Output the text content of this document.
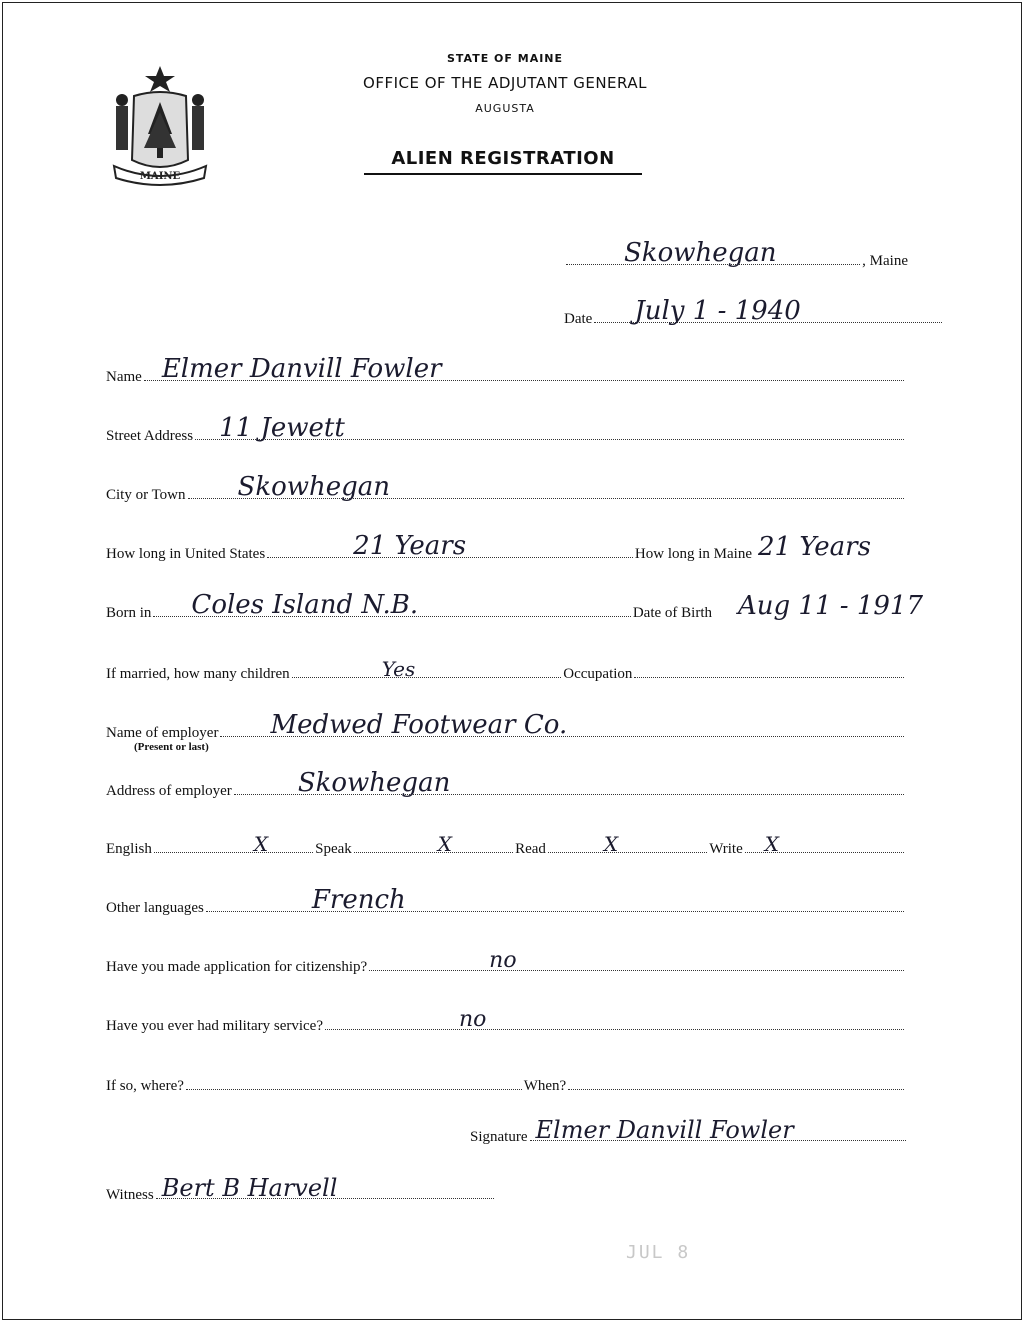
MAINE
STATE OF MAINE
OFFICE OF THE ADJUTANT GENERAL
AUGUSTA
ALIEN REGISTRATION
Skowhegan	, Maine
Date July 1 - 1940
Name Elmer Danvill Fowler
Street Address 11 Jewett
City or Town Skowhegan
How long in United States	21 Years	How long in Maine 21 Years
Born in Coles Island N.B.	Date of Birth Aug 11 - 1917
If married, how many children	Yes	Occupation
Name of employer Medwed Footwear Co.
(Present or last)
Address of employer	Skowhegan
English	X	Speak	X	Read	X	Write X
Other languages	French
Have you made application for citizenship?	no
Have you ever had military service?	no
If so, where?	When?
Signature Elmer Danvill Fowler
Witness Bert B Harvell
JUL 8
